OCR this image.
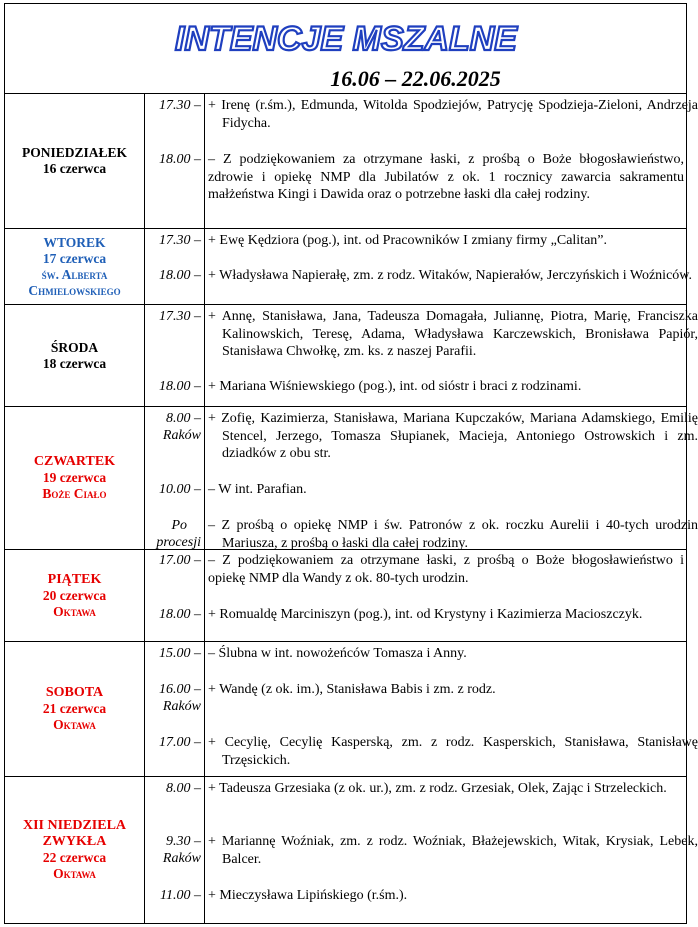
INTENCJE MSZALNE
16.06 – 22.06.2025
PONIEDZIAŁEK
16 czerwca
17.30 – + Irenę (r.śm.), Edmunda, Witolda Spodziejów, Patrycję Spodzieja-Zieloni, Andrzeja Fidycha.
18.00 – – Z podziękowaniem za otrzymane łaski, z prośbą o Boże błogosławieństwo, zdrowie i opiekę NMP dla Jubilatów z ok. 1 rocznicy zawarcia sakramentu małżeństwa Kingi i Dawida oraz o potrzebne łaski dla całej rodziny.
WTOREK
17 czerwca
św. Alberta
Chmielowskiego
17.30 – + Ewę Kędziora (pog.), int. od Pracowników I zmiany firmy „Calitan”.
18.00 – + Władysława Napierałę, zm. z rodz. Witaków, Napierałów, Jerczyńskich i Woźniców.
ŚRODA
18 czerwca
17.30 – + Annę, Stanisława, Jana, Tadeusza Domagała, Juliannę, Piotra, Marię, Franciszka Kalinowskich, Teresę, Adama, Władysława Karczewskich, Bronisława Papiór, Stanisława Chwołkę, zm. ks. z naszej Parafii.
18.00 – + Mariana Wiśniewskiego (pog.), int. od sióstr i braci z rodzinami.
CZWARTEK
19 czerwca
Boże Ciało
8.00 –
Raków
+ Zofię, Kazimierza, Stanisława, Mariana Kupczaków, Mariana Adamskiego, Emilię Stencel, Jerzego, Tomasza Słupianek, Macieja, Antoniego Ostrowskich i zm. dziadków z obu str.
10.00 – – W int. Parafian.
Po
procesji
– Z prośbą o opiekę NMP i św. Patronów z ok. roczku Aurelii i 40-tych urodzin Mariusza, z prośbą o łaski dla całej rodziny.
PIĄTEK
20 czerwca
Oktawa
17.00 – – Z podziękowaniem za otrzymane łaski, z prośbą o Boże błogosławieństwo i opiekę NMP dla Wandy z ok. 80-tych urodzin.
18.00 – + Romualdę Marciniszyn (pog.), int. od Krystyny i Kazimierza Macioszczyk.
SOBOTA
21 czerwca
Oktawa
15.00 – – Ślubna w int. nowożeńców Tomasza i Anny.
16.00 –
Raków
+ Wandę (z ok. im.), Stanisława Babis i zm. z rodz.
17.00 – + Cecylię, Cecylię Kasperską, zm. z rodz. Kasperskich, Stanisława, Stanisławę Trzęsickich.
XII NIEDZIELA
ZWYKŁA
22 czerwca
Oktawa
8.00 – + Tadeusza Grzesiaka (z ok. ur.), zm. z rodz. Grzesiak, Olek, Zając i Strzeleckich.
9.30 –
Raków
+ Mariannę Woźniak, zm. z rodz. Woźniak, Błażejewskich, Witak, Krysiak, Lebek, Balcer.
11.00 – + Mieczysława Lipińskiego (r.śm.).
